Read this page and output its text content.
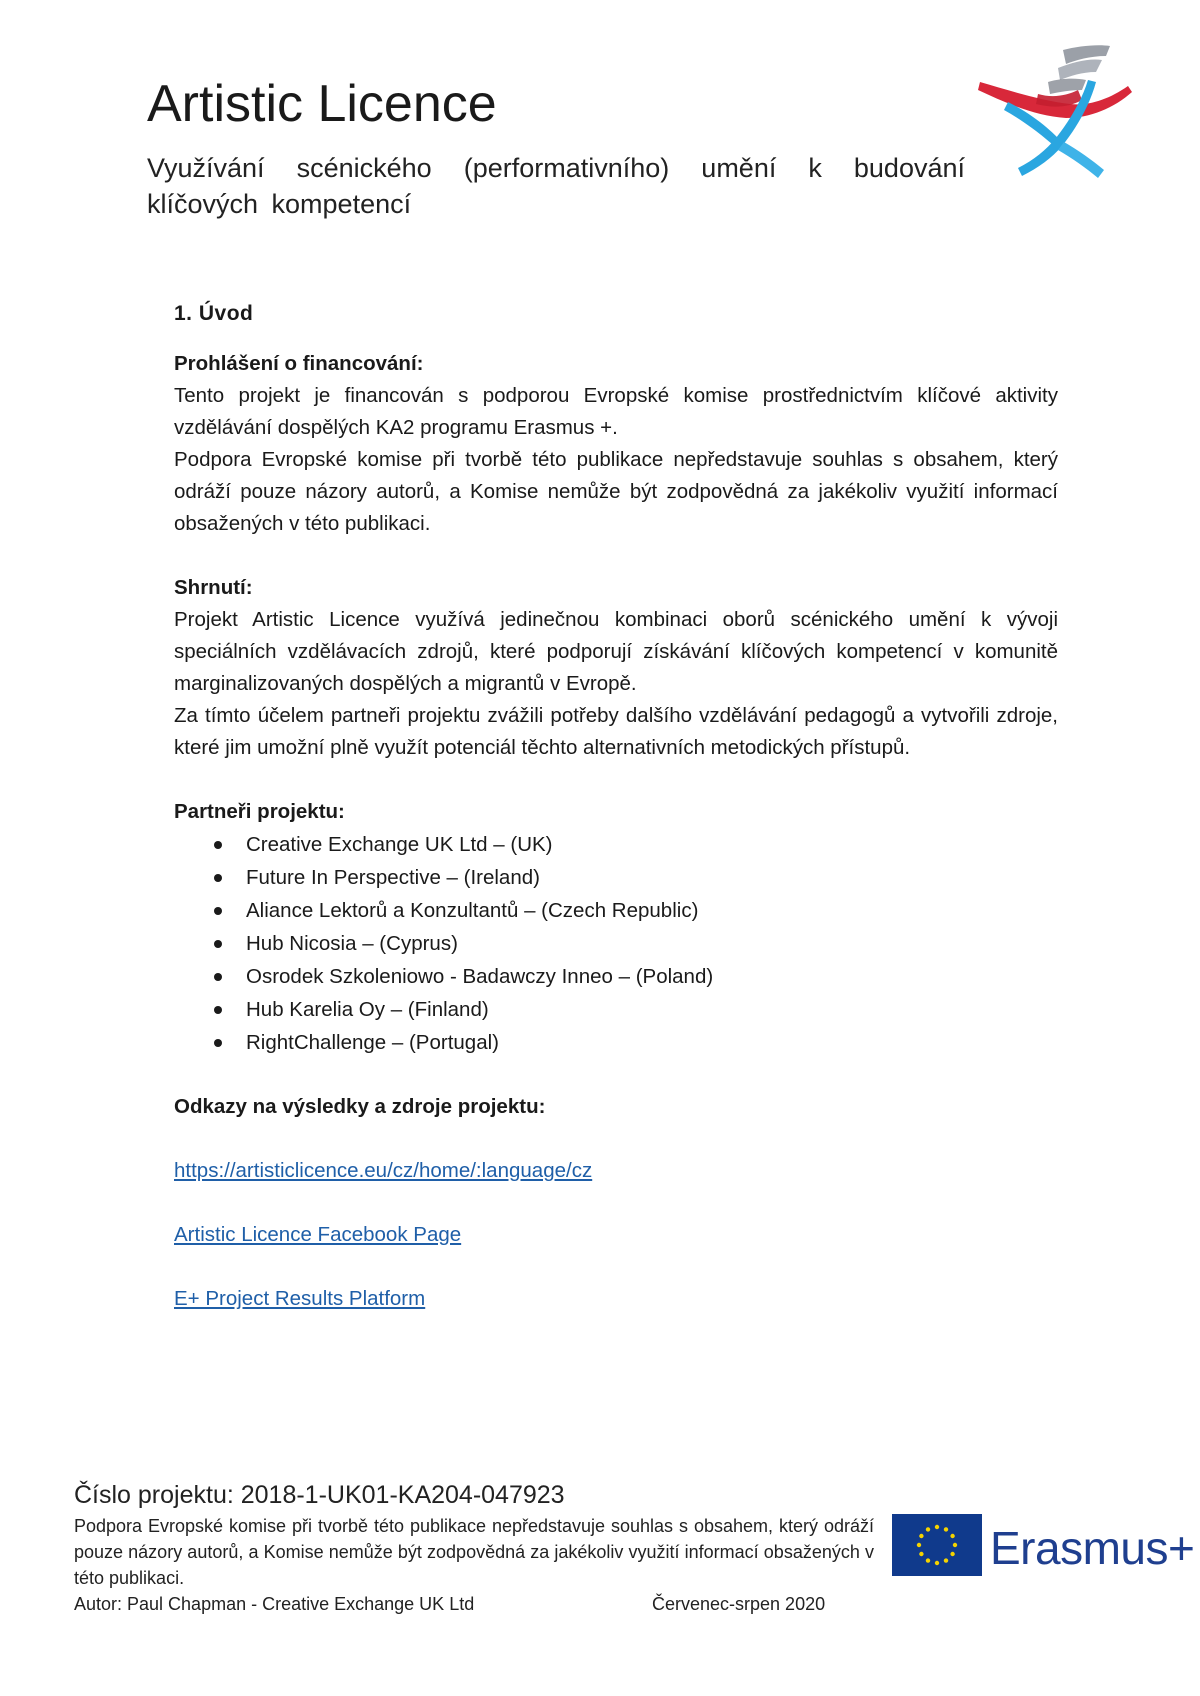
Artistic Licence

Využívání scénického (performativního) umění k budování klíčových kompetencí

1. Úvod

Prohlášení o financování:

Tento projekt je financován s podporou Evropské komise prostřednictvím klíčové aktivity vzdělávání dospělých KA2 programu Erasmus +.

Podpora Evropské komise při tvorbě této publikace nepředstavuje souhlas s obsahem, který odráží pouze názory autorů, a Komise nemůže být zodpovědná za jakékoliv využití informací obsažených v této publikaci.

Shrnutí:

Projekt Artistic Licence využívá jedinečnou kombinaci oborů scénického umění k vývoji speciálních vzdělávacích zdrojů, které podporují získávání klíčových kompetencí v komunitě marginalizovaných dospělých a migrantů v Evropě.

Za tímto účelem partneři projektu zvážili potřeby dalšího vzdělávání pedagogů a vytvořili zdroje, které jim umožní plně využít potenciál těchto alternativních metodických přístupů.

Partneři projektu:

Creative Exchange UK Ltd – (UK)
Future In Perspective – (Ireland)
Aliance Lektorů a Konzultantů – (Czech Republic)
Hub Nicosia – (Cyprus)
Osrodek Szkoleniowo - Badawczy Inneo – (Poland)
Hub Karelia Oy – (Finland)
RightChallenge – (Portugal)

Odkazy na výsledky a zdroje projektu:

https://artisticlicence.eu/cz/home/:language/cz
Artistic Licence Facebook Page
E+ Project Results Platform

Číslo projektu: 2018-1-UK01-KA204-047923

Podpora Evropské komise při tvorbě této publikace nepředstavuje souhlas s obsahem, který odráží pouze názory autorů, a Komise nemůže být zodpovědná za jakékoliv využití informací obsažených v této publikaci.

Autor: Paul Chapman - Creative Exchange UK Ltd	Červenec-srpen 2020

Erasmus+
